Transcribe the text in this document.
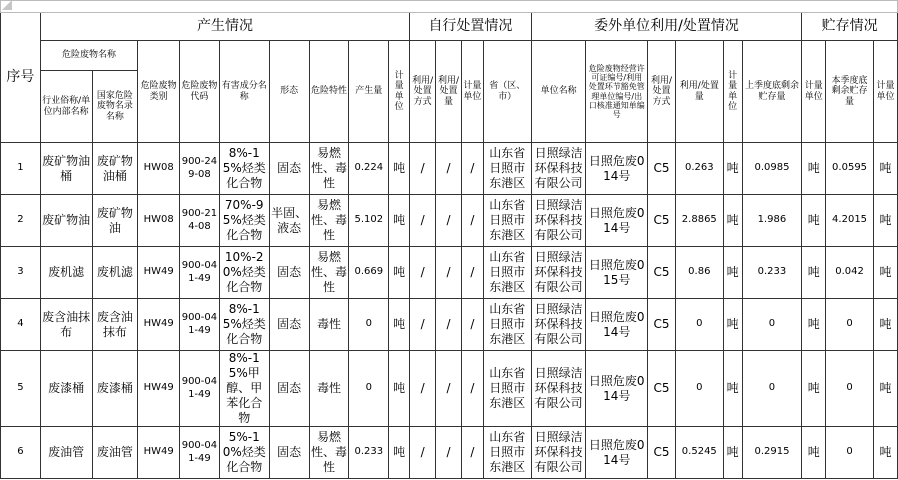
序号	产生情况									自行处置情况				委外单位利用/处置情况						贮存情况		
	危险废物名称		危险废物类别	危险废物代码	有害成分名称	形态	危险特性	产生量	计量单位	利用/处置方式	利用/处置量	计量单位	省（区、市）	单位名称	危险废物经营许可证编号/利用处置环节豁免管理单位编号/出口核准通知单编号	利用/处置方式	利用/处置量	计量单位	上季度底剩余贮存量	计量单位	本季度底剩余贮存量	计量单位
	行业俗称/单位内部名称	国家危险废物名录名称																				
1	废矿物油桶	废矿物油桶	HW08	900-249-08	8%-15%烃类化合物	固态	易燃性、毒性	0.224	吨	/	/	/	山东省日照市东港区	日照绿洁环保科技有限公司	日照危废014号	C5	0.263	吨	0.0985	吨	0.0595	吨
2	废矿物油	废矿物油	HW08	900-214-08	70%-95%烃类化合物	半固、液态	易燃性、毒性	5.102	吨	/	/	/	山东省日照市东港区	日照绿洁环保科技有限公司	日照危废014号	C5	2.8865	吨	1.986	吨	4.2015	吨
3	废机滤	废机滤	HW49	900-041-49	10%-20%烃类化合物	固态	易燃性、毒性	0.669	吨	/	/	/	山东省日照市东港区	日照绿洁环保科技有限公司	日照危废015号	C5	0.86	吨	0.233	吨	0.042	吨
4	废含油抹布	废含油抹布	HW49	900-041-49	8%-15%烃类化合物	固态	毒性	0	吨	/	/	/	山东省日照市东港区	日照绿洁环保科技有限公司	日照危废014号	C5	0	吨	0	吨	0	吨
5	废漆桶	废漆桶	HW49	900-041-49	8%-15%甲醇、甲苯化合物	固态	毒性	0	吨	/	/	/	山东省日照市东港区	日照绿洁环保科技有限公司	日照危废014号	C5	0	吨	0	吨	0	吨
6	废油管	废油管	HW49	900-041-49	5%-10%烃类化合物	固态	易燃性、毒性	0.233	吨	/	/	/	山东省日照市东港区	日照绿洁环保科技有限公司	日照危废014号	C5	0.5245	吨	0.2915	吨	0	吨
